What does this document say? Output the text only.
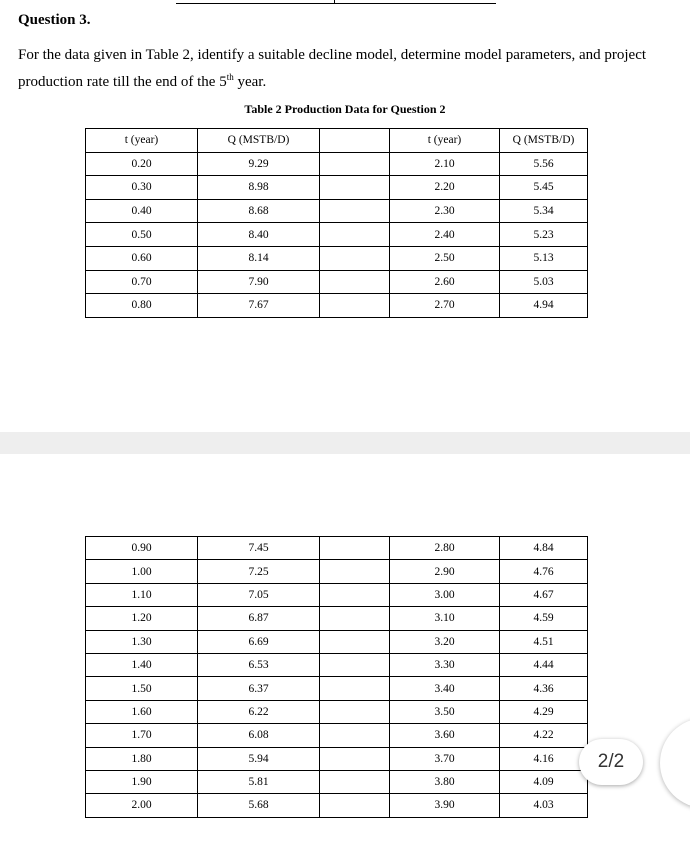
Question 3.
For the data given in Table 2, identify a suitable decline model, determine model parameters, and project production rate till the end of the 5th year.
Table 2 Production Data for Question 2
t (year)	Q (MSTB/D)		t (year)	Q (MSTB/D)
0.20	9.29		2.10	5.56
0.30	8.98		2.20	5.45
0.40	8.68		2.30	5.34
0.50	8.40		2.40	5.23
0.60	8.14		2.50	5.13
0.70	7.90		2.60	5.03
0.80	7.67		2.70	4.94
0.90	7.45		2.80	4.84
1.00	7.25		2.90	4.76
1.10	7.05		3.00	4.67
1.20	6.87		3.10	4.59
1.30	6.69		3.20	4.51
1.40	6.53		3.30	4.44
1.50	6.37		3.40	4.36
1.60	6.22		3.50	4.29
1.70	6.08		3.60	4.22
1.80	5.94		3.70	4.16
1.90	5.81		3.80	4.09
2.00	5.68		3.90	4.03
2/2
